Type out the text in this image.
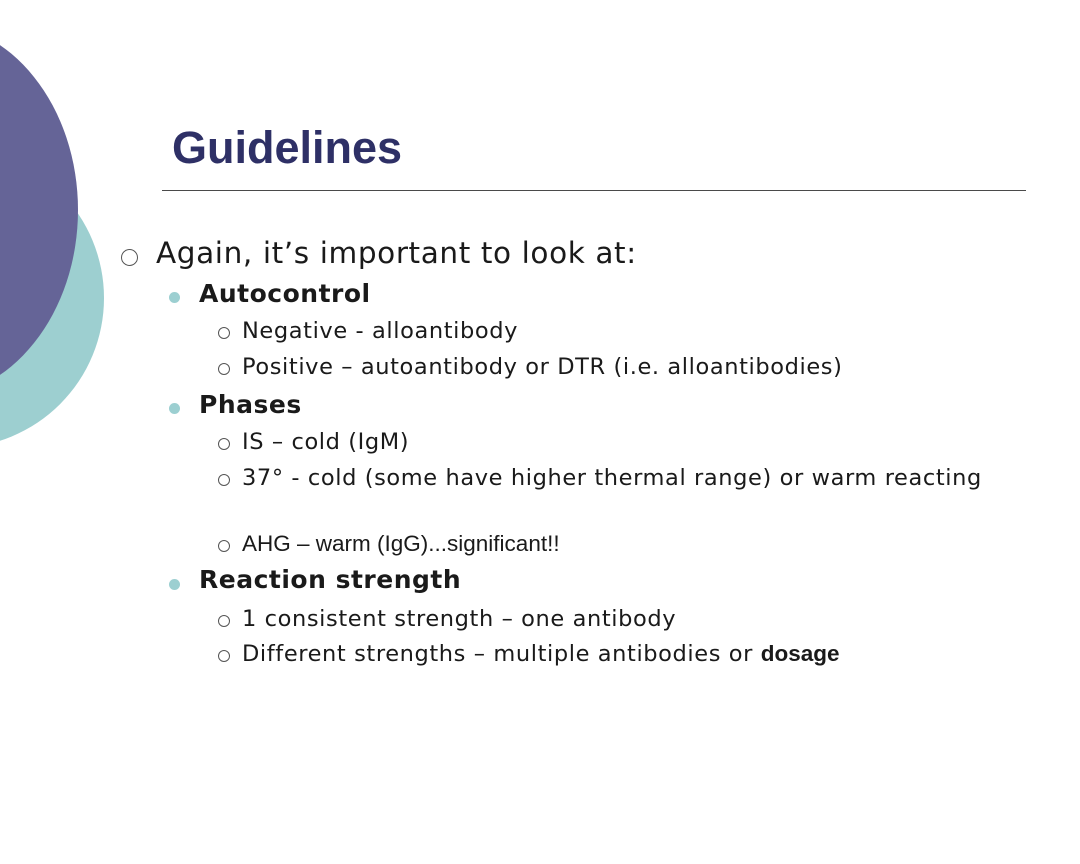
Guidelines
Again, it’s important to look at:
Autocontrol
Negative - alloantibody
Positive – autoantibody or DTR (i.e. alloantibodies)
Phases
IS – cold (IgM)
37° - cold (some have higher thermal range) or warm reacting
AHG – warm (IgG)...significant!!
Reaction strength
1 consistent strength – one antibody
Different strengths – multiple antibodies or dosage
